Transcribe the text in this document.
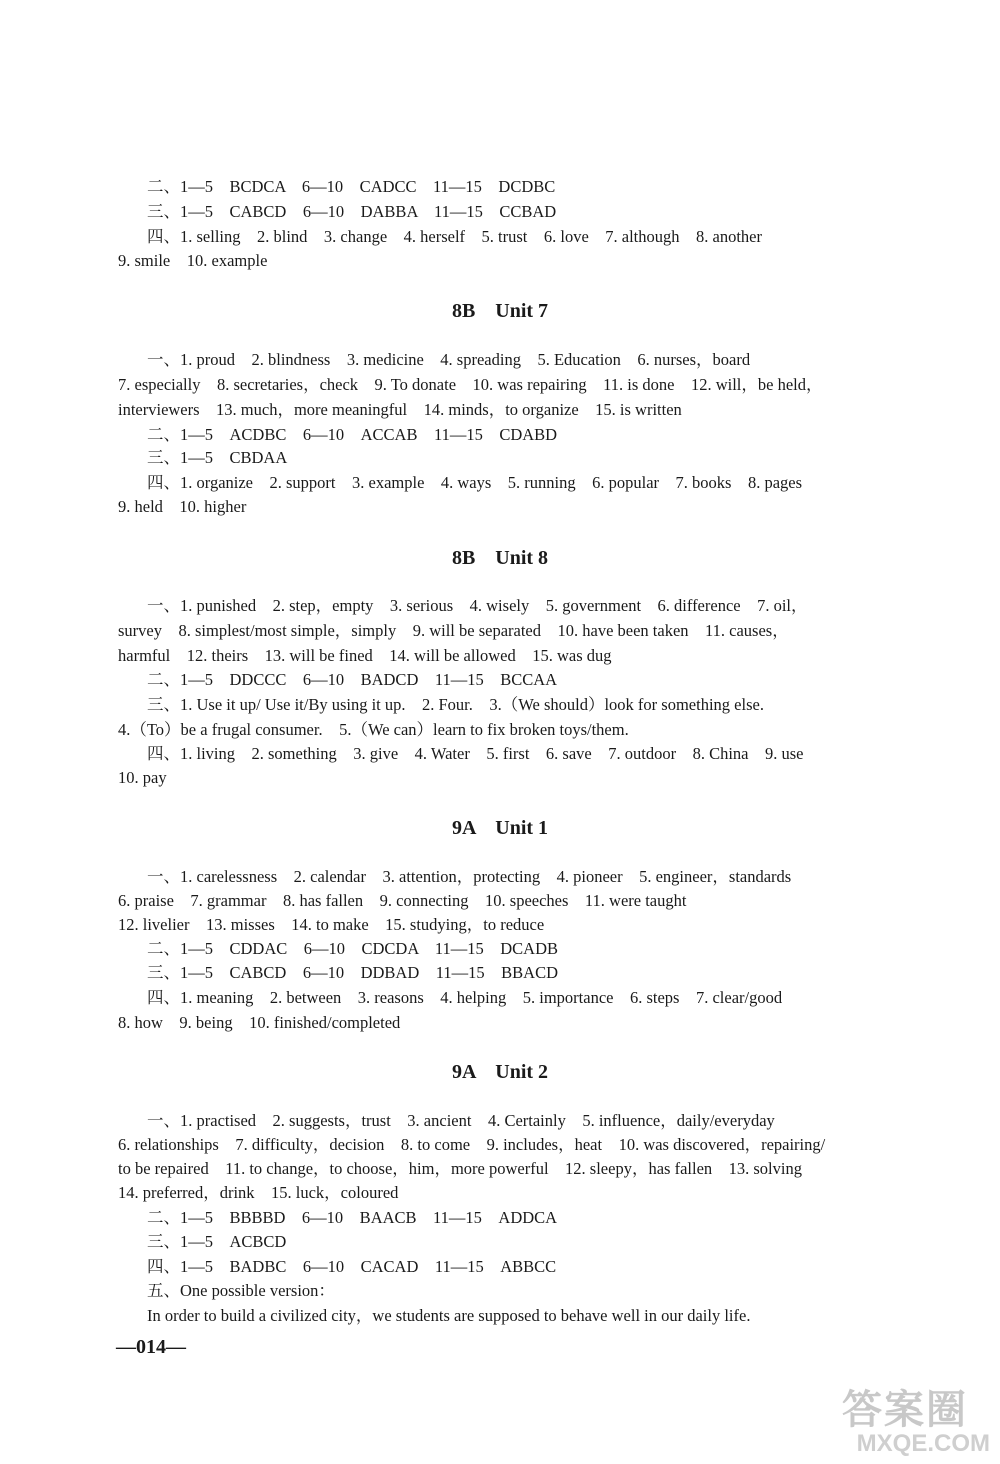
二、1—5　BCDCA　6—10　CADCC　11—15　DCDBC
三、1—5　CABCD　6—10　DABBA　11—15　CCBAD
四、1. selling　2. blind　3. change　4. herself　5. trust　6. love　7. although　8. another
9. smile　10. example
8B　Unit 7
一、1. proud　2. blindness　3. medicine　4. spreading　5. Education　6. nurses，board
7. especially　8. secretaries，check　9. To donate　10. was repairing　11. is done　12. will，be held，
interviewers　13. much，more meaningful　14. minds，to organize　15. is written
二、1—5　ACDBC　6—10　ACCAB　11—15　CDABD
三、1—5　CBDAA
四、1. organize　2. support　3. example　4. ways　5. running　6. popular　7. books　8. pages
9. held　10. higher
8B　Unit 8
一、1. punished　2. step，empty　3. serious　4. wisely　5. government　6. difference　7. oil，
survey　8. simplest/most simple，simply　9. will be separated　10. have been taken　11. causes，
harmful　12. theirs　13. will be fined　14. will be allowed　15. was dug
二、1—5　DDCCC　6—10　BADCD　11—15　BCCAA
三、1. Use it up/ Use it/By using it up.　2. Four.　3.（We should）look for something else.
4.（To）be a frugal consumer.　5.（We can）learn to fix broken toys/them.
四、1. living　2. something　3. give　4. Water　5. first　6. save　7. outdoor　8. China　9. use
10. pay
9A　Unit 1
一、1. carelessness　2. calendar　3. attention，protecting　4. pioneer　5. engineer，standards
6. praise　7. grammar　8. has fallen　9. connecting　10. speeches　11. were taught
12. livelier　13. misses　14. to make　15. studying，to reduce
二、1—5　CDDAC　6—10　CDCDA　11—15　DCADB
三、1—5　CABCD　6—10　DDBAD　11—15　BBACD
四、1. meaning　2. between　3. reasons　4. helping　5. importance　6. steps　7. clear/good
8. how　9. being　10. finished/completed
9A　Unit 2
一、1. practised　2. suggests，trust　3. ancient　4. Certainly　5. influence，daily/everyday
6. relationships　7. difficulty，decision　8. to come　9. includes，heat　10. was discovered，repairing/
to be repaired　11. to change，to choose，him，more powerful　12. sleepy，has fallen　13. solving
14. preferred，drink　15. luck，coloured
二、1—5　BBBBD　6—10　BAACB　11—15　ADDCA
三、1—5　ACBCD
四、1—5　BADBC　6—10　CACAD　11—15　ABBCC
五、One possible version：
In order to build a civilized city，we students are supposed to behave well in our daily life.
—014—
答案圈
MXQE.COM
